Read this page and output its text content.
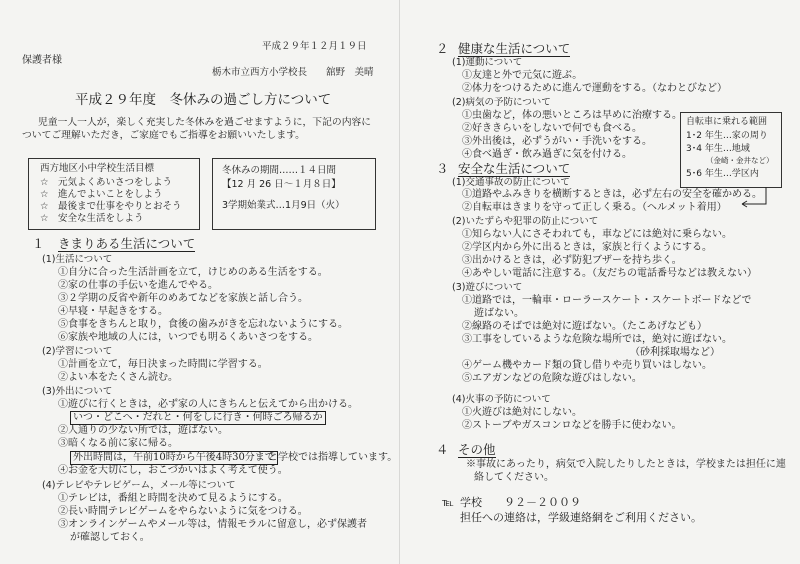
平成２９年１２月１９日
保護者様
栃木市立西方小学校長　　舘野　美晴
平成２９年度　冬休みの過ごし方について
児童一人一人が，楽しく充実した冬休みを過ごせますように，下記の内容に
ついてご理解いただき，ご家庭でもご指導をお願いいたします。
西方地区小中学校生活目標
☆　元気よくあいさつをしよう
☆　進んでよいことをしよう
☆　最後まで仕事をやりとおそう
☆　安全な生活をしよう
冬休みの期間……１４日間
【12 月 26 日～１月８日】
3学期始業式…1月9日（火）
１ きまりある生活について
(1)生活について
①自分に合った生活計画を立て，けじめのある生活をする。
②家の仕事の手伝いを進んでやる。
③２学期の反省や新年のめあてなどを家族と話し合う。
④早寝・早起きをする。
⑤食事をきちんと取り，食後の歯みがきを忘れないようにする。
⑥家族や地域の人には，いつでも明るくあいさつをする。
(2)学習について
①計画を立て，毎日決まった時間に学習する。
②よい本をたくさん読む。
(3)外出について
①遊びに行くときは，必ず家の人にきちんと伝えてから出かける。
いつ・どこへ・だれと・何をしに行き・何時ごろ帰るか
②人通りの少ない所では，遊ばない。
③暗くなる前に家に帰る。
外出時間は，午前10時から午後4時30分まで
と学校では指導しています。
④お金を大切にし，おこづかいはよく考えて使う。
(4)テレビやテレビゲーム，メール等について
①テレビは，番組と時間を決めて見るようにする。
②長い時間テレビゲームをやらないように気をつける。
③オンラインゲームやメール等は，情報モラルに留意し，必ず保護者
が確認しておく。
２ 健康な生活について
(1)運動について
①友達と外で元気に遊ぶ。
②体力をつけるために進んで運動をする。（なわとびなど）
(2)病気の予防について
①虫歯など，体の悪いところは早めに治療する。
②好ききらいをしないで何でも食べる。
③外出後は，必ずうがい・手洗いをする。
④食べ過ぎ・飲み過ぎに気を付ける。
自転車に乗れる範囲
1･2 年生…家の周り
3･4 年生…地域
（金崎・金井など）
5･6 年生…学区内
３ 安全な生活について
(1)交通事故の防止について
①道路やふみきりを横断するときは，必ず左右の安全を確かめる。
②自転車はきまりを守って正しく乗る。（ヘルメット着用）
(2)いたずらや犯罪の防止について
①知らない人にさそわれても，車などには絶対に乗らない。
②学区内から外に出るときは，家族と行くようにする。
③出かけるときは，必ず防犯ブザーを持ち歩く。
④あやしい電話に注意する。（友だちの電話番号などは教えない）
(3)遊びについて
①道路では，一輪車・ローラースケート・スケートボードなどで
遊ばない。
②線路のそばでは絶対に遊ばない。（たこあげなども）
③工事をしているような危険な場所では，絶対に遊ばない。
（砂利採取場など）
④ゲーム機やカード類の貸し借りや売り買いはしない。
⑤エアガンなどの危険な遊びはしない。
(4)火事の予防について
①火遊びは絶対にしない。
②ストーブやガスコンロなどを勝手に使わない。
４ その他
※事故にあったり，病気で入院したりしたときは，学校または担任に連
絡してください。
℡ 学校　　９２－２００９
担任への連絡は，学級連絡網をご利用ください。
